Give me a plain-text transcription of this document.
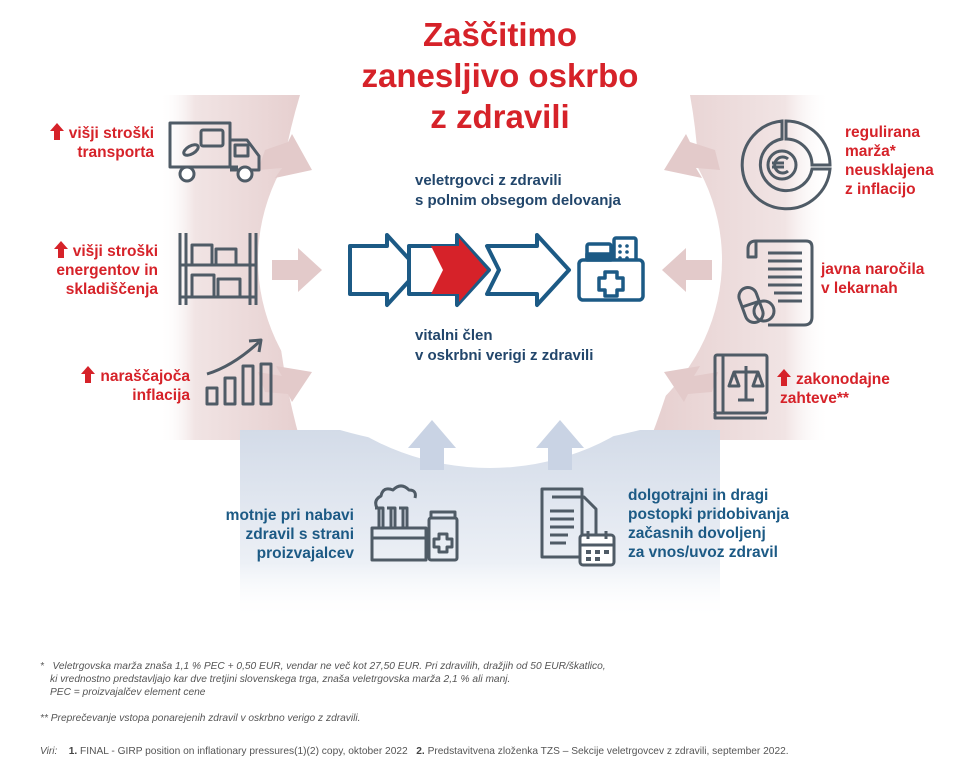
Zaščitimo
zanesljivo oskrbo
z zdravili
veletrgovci z zdravili
s polnim obsegom delovanja
vitalni člen
v oskrbni verigi z zdravili
višji stroški
transporta
višji stroški
energentov in
skladiščenja
naraščajoča
inflacija
regulirana
marža*
neusklajena
z inflacijo
javna naročila
v lekarnah
zakonodajne
zahteve**
motnje pri nabavi
zdravil s strani
proizvajalcev
dolgotrajni in dragi
postopki pridobivanja
začasnih dovoljenj
za vnos/uvoz zdravil
* Veletrgovska marža znaša 1,1 % PEC + 0,50 EUR, vendar ne več kot 27,50 EUR. Pri zdravilih, dražjih od 50 EUR/škatlico,
ki vrednostno predstavljajo kar dve tretjini slovenskega trga, znaša veletrgovska marža 2,1 % ali manj.
PEC = proizvajalčev element cene
** Preprečevanje vstopa ponarejenih zdravil v oskrbno verigo z zdravili.
Viri: 1. FINAL - GIRP position on inflationary pressures(1)(2) copy, oktober 2022 2. Predstavitvena zloženka TZS – Sekcije veletrgovcev z zdravili, september 2022.
